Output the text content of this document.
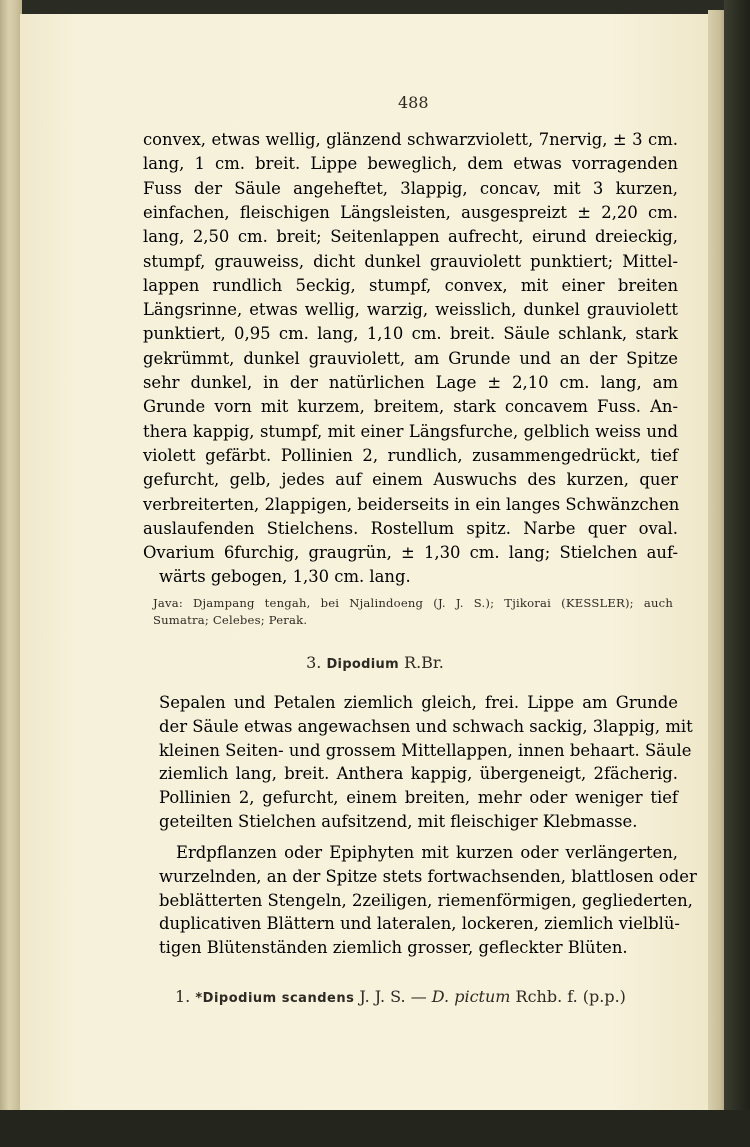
488
convex, etwas wellig, glänzend schwarzviolett, 7nervig, ± 3 cm.
lang, 1 cm. breit. Lippe beweglich, dem etwas vorragenden
Fuss der Säule angeheftet, 3lappig, concav, mit 3 kurzen,
einfachen, fleischigen Längsleisten, ausgespreizt ± 2,20 cm.
lang, 2,50 cm. breit; Seitenlappen aufrecht, eirund dreieckig,
stumpf, grauweiss, dicht dunkel grauviolett punktiert; Mittel-
lappen rundlich 5eckig, stumpf, convex, mit einer breiten
Längsrinne, etwas wellig, warzig, weisslich, dunkel grauviolett
punktiert, 0,95 cm. lang, 1,10 cm. breit. Säule schlank, stark
gekrümmt, dunkel grauviolett, am Grunde und an der Spitze
sehr dunkel, in der natürlichen Lage ± 2,10 cm. lang, am
Grunde vorn mit kurzem, breitem, stark concavem Fuss. An-
thera kappig, stumpf, mit einer Längsfurche, gelblich weiss und
violett gefärbt. Pollinien 2, rundlich, zusammengedrückt, tief
gefurcht, gelb, jedes auf einem Auswuchs des kurzen, quer
verbreiterten, 2lappigen, beiderseits in ein langes Schwänzchen
auslaufenden Stielchens. Rostellum spitz. Narbe quer oval.
Ovarium 6furchig, graugrün, ± 1,30 cm. lang; Stielchen auf-
wärts gebogen, 1,30 cm. lang.
Java: Djampang tengah, bei Njalindoeng (J. J. S.); Tjikorai (KESSLER); auch
Sumatra; Celebes; Perak.
3. Dipodium R.Br.
Sepalen und Petalen ziemlich gleich, frei. Lippe am Grunde
der Säule etwas angewachsen und schwach sackig, 3lappig, mit
kleinen Seiten- und grossem Mittellappen, innen behaart. Säule
ziemlich lang, breit. Anthera kappig, übergeneigt, 2fächerig.
Pollinien 2, gefurcht, einem breiten, mehr oder weniger tief
geteilten Stielchen aufsitzend, mit fleischiger Klebmasse.
Erdpflanzen oder Epiphyten mit kurzen oder verlängerten,
wurzelnden, an der Spitze stets fortwachsenden, blattlosen oder
beblätterten Stengeln, 2zeiligen, riemenförmigen, gegliederten,
duplicativen Blättern und lateralen, lockeren, ziemlich vielblü-
tigen Blütenständen ziemlich grosser, gefleckter Blüten.
1. *Dipodium scandens J. J. S. — D. pictum Rchb. f. (p.p.)
